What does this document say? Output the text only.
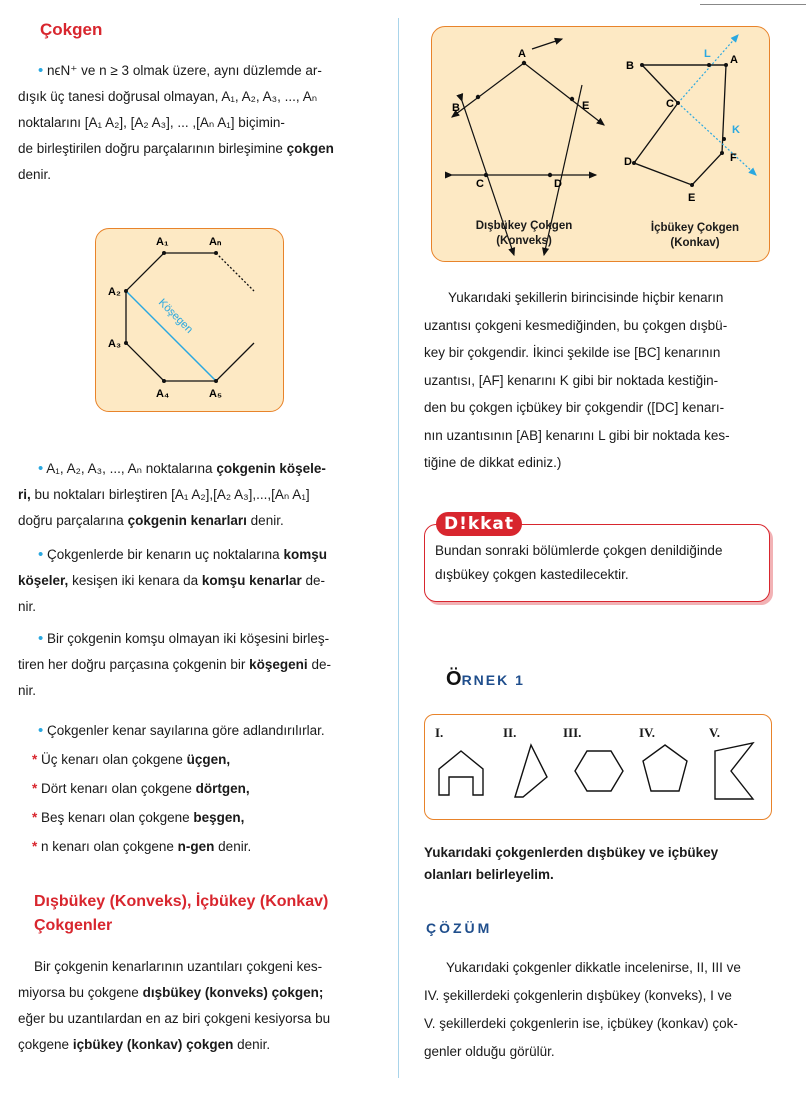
Çokgen
• nϵN⁺ ve n ≥ 3 olmak üzere, aynı düzlemde ar-
dışık üç tanesi doğrusal olmayan, A₁, A₂, A₃, ..., Aₙ
noktalarını [A₁ A₂], [A₂ A₃], ... ,[Aₙ A₁] biçimin-
de birleştirilen doğru parçalarının birleşimine çokgen
denir.
A₁	Aₙ
A₂
A₃
A₄	A₅
Köşegen
• A₁, A₂, A₃, ..., Aₙ noktalarına çokgenin köşele-
ri, bu noktaları birleştiren [A₁ A₂],[A₂ A₃],...,[Aₙ A₁]
doğru parçalarına çokgenin kenarları denir.
• Çokgenlerde bir kenarın uç noktalarına komşu
köşeler, kesişen iki kenara da komşu kenarlar de-
nir.
• Bir çokgenin komşu olmayan iki köşesini birleş-
tiren her doğru parçasına çokgenin bir köşegeni de-
nir.
• Çokgenler kenar sayılarına göre adlandırılırlar.
* Üç kenarı olan çokgene üçgen,
* Dört kenarı olan çokgene dörtgen,
* Beş kenarı olan çokgene beşgen,
* n kenarı olan çokgene n-gen denir.
Dışbükey (Konveks), İçbükey (Konkav)
Çokgenler
Bir çokgenin kenarlarının uzantıları çokgeni kes-
miyorsa bu çokgene dışbükey (konveks) çokgen;
eğer bu uzantılardan en az biri çokgeni kesiyorsa bu
çokgene içbükey (konkav) çokgen denir.
A
B	E
C	D
B	A
L
C
K
F
D
E
Dışbükey Çokgen
(Konveks)
İçbükey Çokgen
(Konkav)
Yukarıdaki şekillerin birincisinde hiçbir kenarın
uzantısı çokgeni kesmediğinden, bu çokgen dışbü-
key bir çokgendir. İkinci şekilde ise [BC] kenarının
uzantısı, [AF] kenarını K gibi bir noktada kestiğin-
den bu çokgen içbükey bir çokgendir ([DC] kenarı-
nın uzantısının [AB] kenarını L gibi bir noktada kes-
tiğine de dikkat ediniz.)
Bundan sonraki bölümlerde çokgen denildiğinde
dışbükey çokgen kastedilecektir.
D!kkat
ÖRNEK 1
I.	II.	III.	IV.	V.
Yukarıdaki çokgenlerden dışbükey ve içbükey
olanları belirleyelim.
ÇÖZÜM
Yukarıdaki çokgenler dikkatle incelenirse, II, III ve
IV. şekillerdeki çokgenlerin dışbükey (konveks), I ve
V. şekillerdeki çokgenlerin ise, içbükey (konkav) çok-
genler olduğu görülür.
